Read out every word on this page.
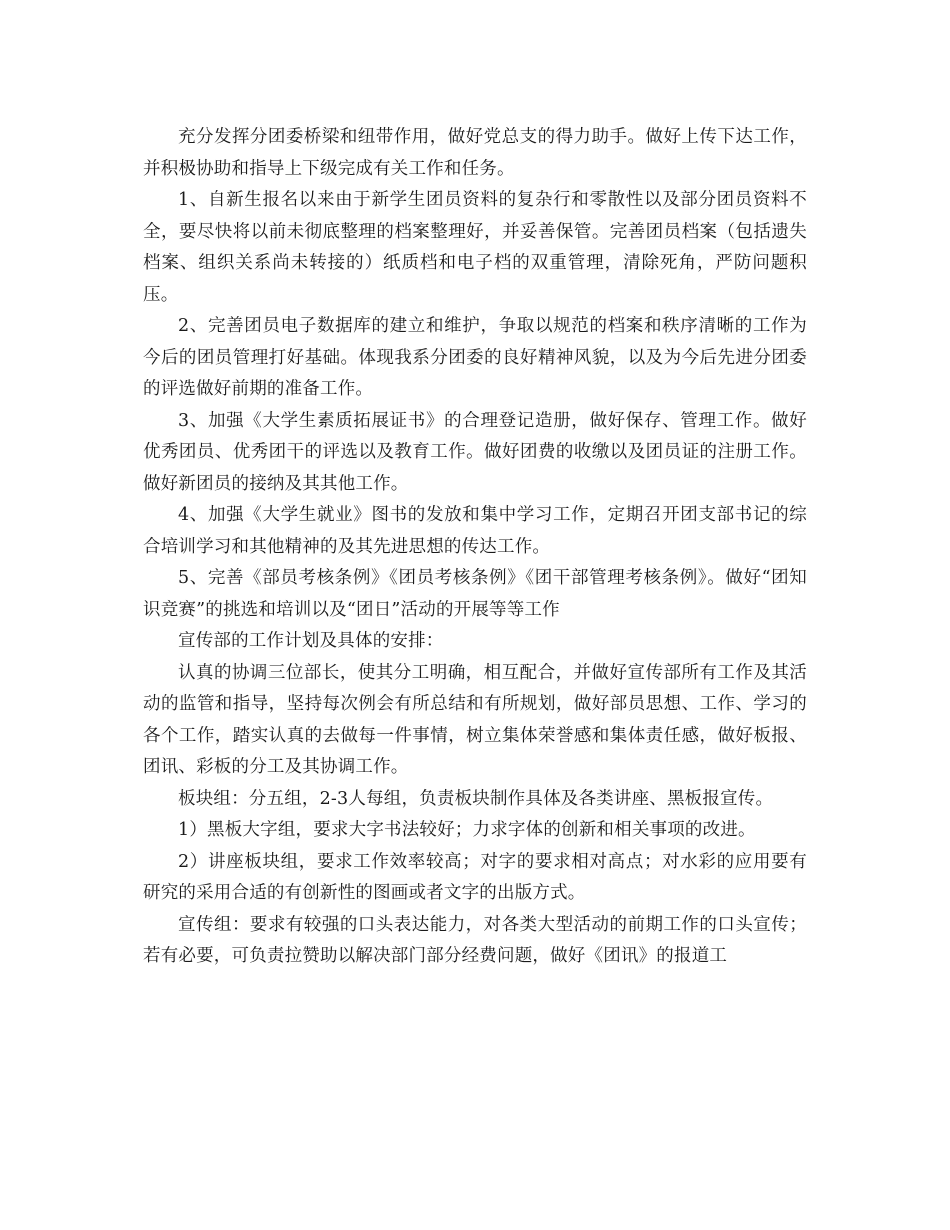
充分发挥分团委桥梁和纽带作用，做好党总支的得力助手。做好上传下达工作，并积极协助和指导上下级完成有关工作和任务。

1、自新生报名以来由于新学生团员资料的复杂行和零散性以及部分团员资料不全，要尽快将以前未彻底整理的档案整理好，并妥善保管。完善团员档案（包括遗失档案、组织关系尚未转接的）纸质档和电子档的双重管理，清除死角，严防问题积压。

2、完善团员电子数据库的建立和维护，争取以规范的档案和秩序清晰的工作为今后的团员管理打好基础。体现我系分团委的良好精神风貌，以及为今后先进分团委的评选做好前期的准备工作。

3、加强《大学生素质拓展证书》的合理登记造册，做好保存、管理工作。做好优秀团员、优秀团干的评选以及教育工作。做好团费的收缴以及团员证的注册工作。做好新团员的接纳及其其他工作。

4、加强《大学生就业》图书的发放和集中学习工作，定期召开团支部书记的综合培训学习和其他精神的及其先进思想的传达工作。

5、完善《部员考核条例》《团员考核条例》《团干部管理考核条例》。做好“团知识竞赛”的挑选和培训以及“团日”活动的开展等等工作

宣传部的工作计划及具体的安排：

认真的协调三位部长，使其分工明确，相互配合，并做好宣传部所有工作及其活动的监管和指导，坚持每次例会有所总结和有所规划，做好部员思想、工作、学习的各个工作，踏实认真的去做每一件事情，树立集体荣誉感和集体责任感，做好板报、团讯、彩板的分工及其协调工作。

板块组：分五组，2-3人每组，负责板块制作具体及各类讲座、黑板报宣传。

1）黑板大字组，要求大字书法较好；力求字体的创新和相关事项的改进。

2）讲座板块组，要求工作效率较高；对字的要求相对高点；对水彩的应用要有研究的采用合适的有创新性的图画或者文字的出版方式。

宣传组：要求有较强的口头表达能力，对各类大型活动的前期工作的口头宣传；若有必要，可负责拉赞助以解决部门部分经费问题，做好《团讯》的报道工
